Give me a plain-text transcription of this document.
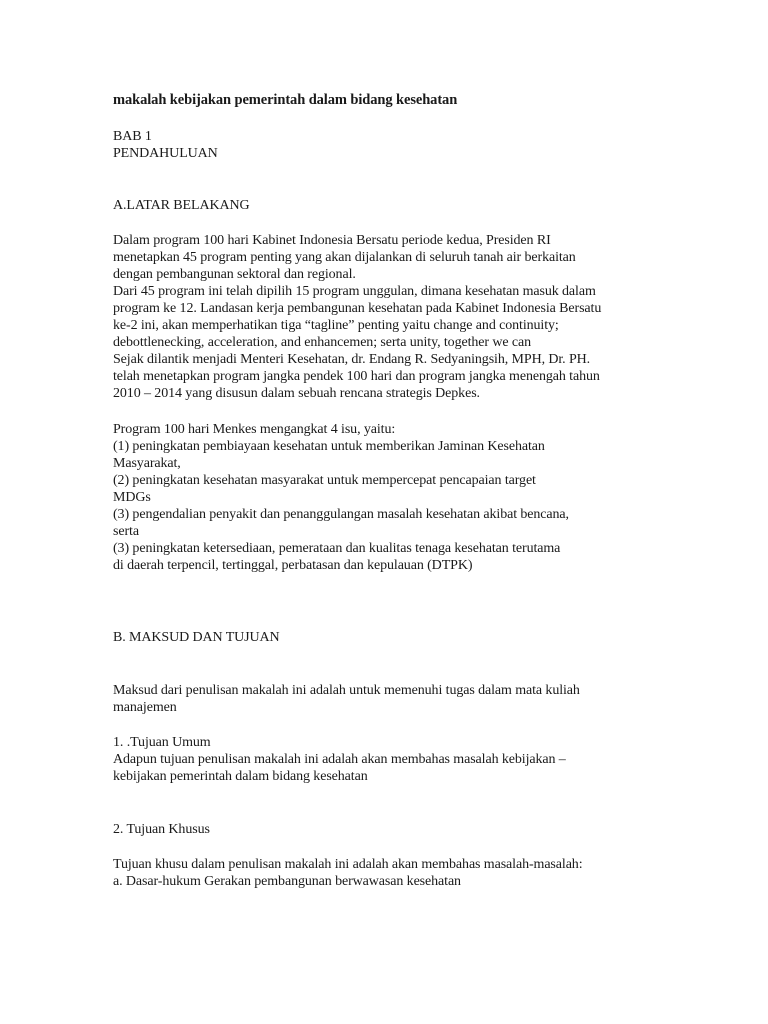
makalah kebijakan pemerintah dalam bidang kesehatan
BAB 1
PENDAHULUAN
A.LATAR BELAKANG
Dalam program 100 hari Kabinet Indonesia Bersatu periode kedua, Presiden RI
menetapkan 45 program penting yang akan dijalankan di seluruh tanah air berkaitan
dengan pembangunan sektoral dan regional.
Dari 45 program ini telah dipilih 15 program unggulan, dimana kesehatan masuk dalam
program ke 12. Landasan kerja pembangunan kesehatan pada Kabinet Indonesia Bersatu
ke-2 ini, akan memperhatikan tiga “tagline” penting yaitu change and continuity;
debottlenecking, acceleration, and enhancemen; serta unity, together we can
Sejak dilantik menjadi Menteri Kesehatan, dr. Endang R. Sedyaningsih, MPH, Dr. PH.
telah menetapkan program jangka pendek 100 hari dan program jangka menengah tahun
2010 – 2014 yang disusun dalam sebuah rencana strategis Depkes.
Program 100 hari Menkes mengangkat 4 isu, yaitu:
(1) peningkatan pembiayaan kesehatan untuk memberikan Jaminan Kesehatan
Masyarakat,
(2) peningkatan kesehatan masyarakat untuk mempercepat pencapaian target
MDGs
(3) pengendalian penyakit dan penanggulangan masalah kesehatan akibat bencana,
serta
(3) peningkatan ketersediaan, pemerataan dan kualitas tenaga kesehatan terutama
di daerah terpencil, tertinggal, perbatasan dan kepulauan (DTPK)
B. MAKSUD DAN TUJUAN
Maksud dari penulisan makalah ini adalah untuk memenuhi tugas dalam mata kuliah
manajemen
1. .Tujuan Umum
Adapun tujuan penulisan makalah ini adalah akan membahas masalah kebijakan –
kebijakan pemerintah dalam bidang kesehatan
2. Tujuan Khusus
Tujuan khusu dalam penulisan makalah ini adalah akan membahas masalah-masalah:
a. Dasar-hukum Gerakan pembangunan berwawasan kesehatan
